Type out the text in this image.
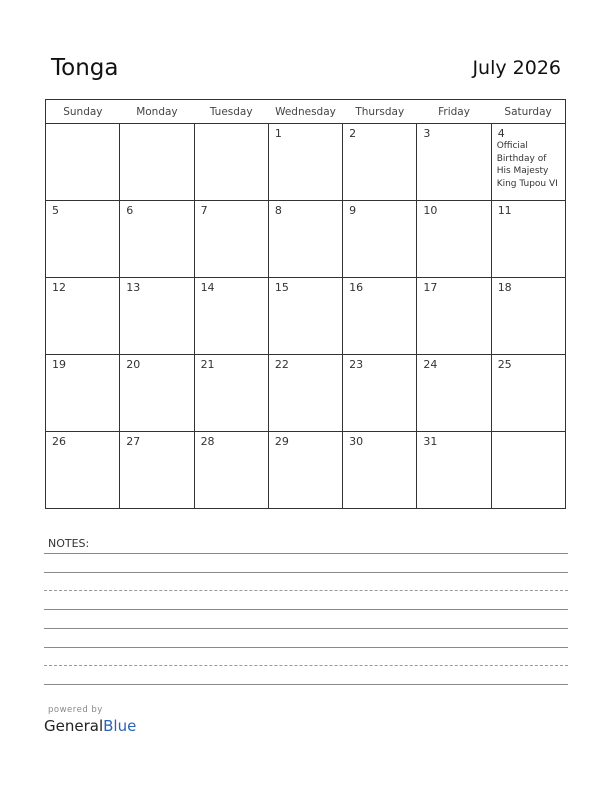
Tonga	July 2026
Sunday	Monday	Tuesday	Wednesday	Thursday	Friday	Saturday

			1	2	3	4
Official Birthday of His Majesty King Tupou VI

5	6	7	8	9	10	11

12	13	14	15	16	17	18

19	20	21	22	23	24	25

26	27	28	29	30	31	

NOTES:
powered by
GeneralBlue
